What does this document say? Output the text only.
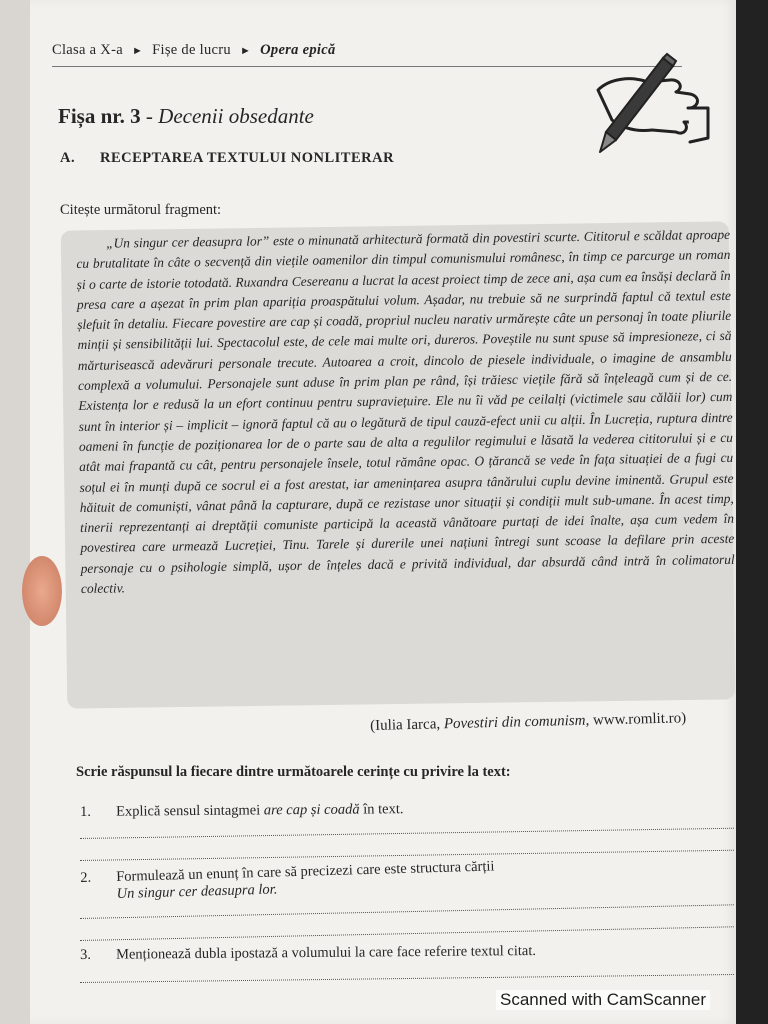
Clasa a X-a ► Fișe de lucru ► Opera epică
Fișa nr. 3 - Decenii obsedante
A. RECEPTAREA TEXTULUI NONLITERAR
Citește următorul fragment:
„Un singur cer deasupra lor” este o minunată arhitectură formată din povestiri scurte. Cititorul e scăldat aproape cu brutalitate în câte o secvență din viețile oamenilor din timpul comunismului românesc, în timp ce parcurge un roman și o carte de istorie totodată. Ruxandra Cesereanu a lucrat la acest proiect timp de zece ani, așa cum ea însăși declară în presa care a așezat în prim plan apariția proaspătului volum. Așadar, nu trebuie să ne surprindă faptul că textul este șlefuit în detaliu. Fiecare povestire are cap și coadă, propriul nucleu narativ urmărește câte un personaj în toate pliurile minții și sensibilității lui. Spectacolul este, de cele mai multe ori, dureros. Poveștile nu sunt spuse să impresioneze, ci să mărturisească adevăruri personale trecute. Autoarea a croit, dincolo de piesele individuale, o imagine de ansamblu complexă a volumului. Personajele sunt aduse în prim plan pe rând, își trăiesc viețile fără să înțeleagă cum și de ce. Existența lor e redusă la un efort continuu pentru supraviețuire. Ele nu îi văd pe ceilalți (victimele sau călăii lor) cum sunt în interior și – implicit – ignoră faptul că au o legătură de tipul cauză-efect unii cu alții. În Lucreția, ruptura dintre oameni în funcție de poziționarea lor de o parte sau de alta a regulilor regimului e lăsată la vederea cititorului și e cu atât mai frapantă cu cât, pentru personajele însele, totul rămâne opac. O țărancă se vede în fața situației de a fugi cu soțul ei în munți după ce socrul ei a fost arestat, iar amenințarea asupra tânărului cuplu devine iminentă. Grupul este hăituit de comuniști, vânat până la capturare, după ce rezistase unor situații și condiții mult sub-umane. În acest timp, tinerii reprezentanți ai dreptății comuniste participă la această vânătoare purtați de idei înalte, așa cum vedem în povestirea care urmează Lucreției, Tinu. Tarele și durerile unei națiuni întregi sunt scoase la defilare prin aceste personaje cu o psihologie simplă, ușor de înțeles dacă e privită individual, dar absurdă când intră în colimatorul colectiv.
(Iulia Iarca, Povestiri din comunism, www.romlit.ro)
Scrie răspunsul la fiecare dintre următoarele cerințe cu privire la text:
1. Explică sensul sintagmei are cap și coadă în text.
2. Formulează un enunț în care să precizezi care este structura cărții
Un singur cer deasupra lor.
3. Menționează dubla ipostază a volumului la care face referire textul citat.
Scanned with CamScanner
